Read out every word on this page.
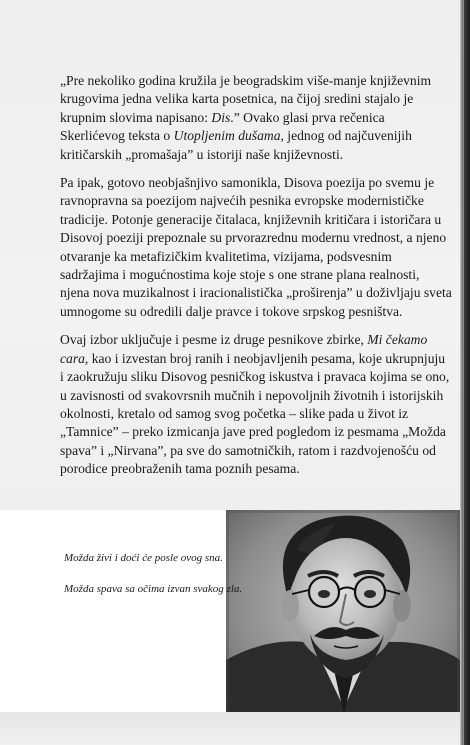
„Pre nekoliko godina kružila je beogradskim više-manje književnim krugovima jedna velika karta posetnica, na čijoj sredini stajalo je krupnim slovima napisano: Dis.” Ovako glasi prva rečenica Skerlićevog teksta o Utopljenim dušama, jednog od najčuvenijih kritičarskih „promašaja” u istoriji naše književnosti.

Pa ipak, gotovo neobjašnjivo samonikla, Disova poezija po svemu je ravnopravna sa poezijom najvećih pesnika evropske modernističke tradicije. Potonje generacije čitalaca, književnih kritičara i istoričara u Disovoj poeziji prepoznale su prvorazrednu modernu vrednost, a njeno otvaranje ka metafizičkim kvalitetima, vizijama, podsvesnim sadržajima i mogućnostima koje stoje s one strane plana realnosti, njena nova muzikalnost i iracionalistička „proširenja” u doživljaju sveta umnogome su odredili dalje pravce i tokove srpskog pesništva.

Ovaj izbor uključuje i pesme iz druge pesnikove zbirke, Mi čekamo cara, kao i izvestan broj ranih i neobjavljenih pesama, koje ukrupnjuju i zaokružuju sliku Disovog pesničkog iskustva i pravaca kojima se ono, u zavisnosti od svakovrsnih mučnih i nepovoljnih životnih i istorijskih okolnosti, kretalo od samog svog početka – slike pada u život iz „Tamnice” – preko izmicanja jave pred pogledom iz pesmama „Možda spava” i „Nirvana”, pa sve do samotničkih, ratom i razdvojenošću od porodice preobraženih tama poznih pesama.

Možda živi i doći će posle ovog sna.
Možda spava sa očima izvan svakog zla.
©
